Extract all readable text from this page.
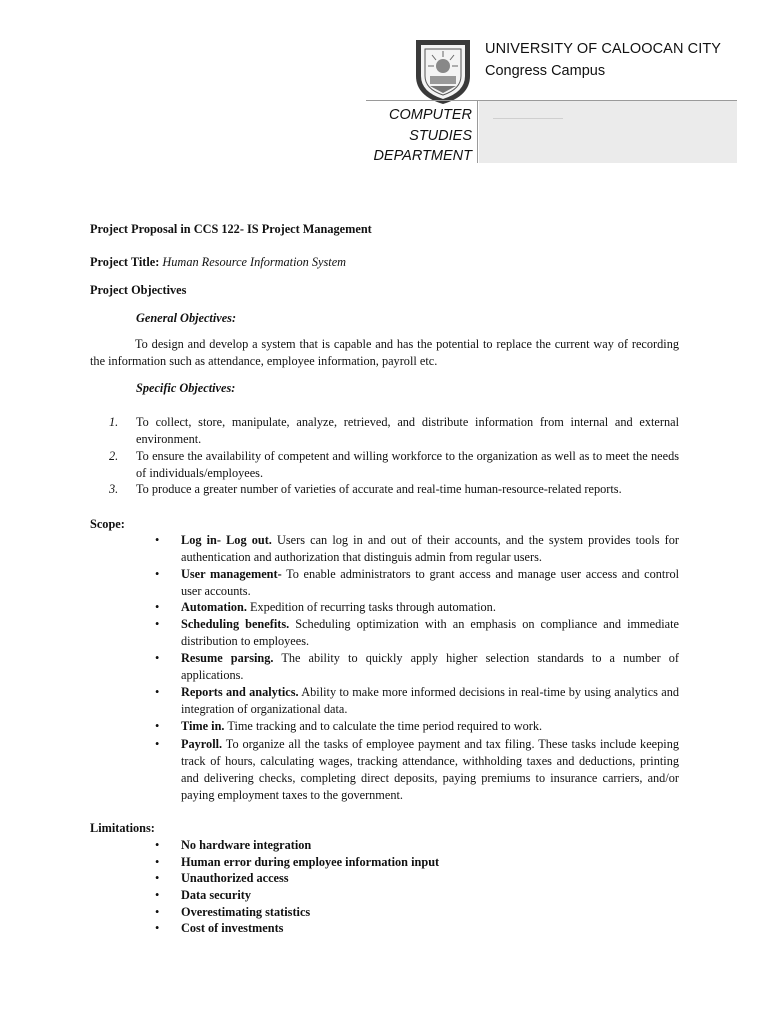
UNIVERSITY OF CALOOCAN CITY
Congress Campus
COMPUTER
STUDIES
DEPARTMENT
Project Proposal in CCS 122- IS Project Management
Project Title: Human Resource Information System
Project Objectives
General Objectives:
To design and develop a system that is capable and has the potential to replace the current way of recording the information such as attendance, employee information, payroll etc.
Specific Objectives:
1.	To collect, store, manipulate, analyze, retrieved, and distribute information from internal and external environment.
2.	To ensure the availability of competent and willing workforce to the organization as well as to meet the needs of individuals/employees.
3.	To produce a greater number of varieties of accurate and real-time human-resource-related reports.
Scope:
•	Log in- Log out. Users can log in and out of their accounts, and the system provides tools for authentication and authorization that distinguis admin from regular users.
•	User management- To enable administrators to grant access and manage user access and control user accounts.
•	Automation. Expedition of recurring tasks through automation.
•	Scheduling benefits. Scheduling optimization with an emphasis on compliance and immediate distribution to employees.
•	Resume parsing. The ability to quickly apply higher selection standards to a number of applications.
•	Reports and analytics. Ability to make more informed decisions in real-time by using analytics and integration of organizational data.
•	Time in. Time tracking and to calculate the time period required to work.
•	Payroll. To organize all the tasks of employee payment and tax filing. These tasks include keeping track of hours, calculating wages, tracking attendance, withholding taxes and deductions, printing and delivering checks, completing direct deposits, paying premiums to insurance carriers, and/or paying employment taxes to the government.
Limitations:
•	No hardware integration
•	Human error during employee information input
•	Unauthorized access
•	Data security
•	Overestimating statistics
•	Cost of investments
